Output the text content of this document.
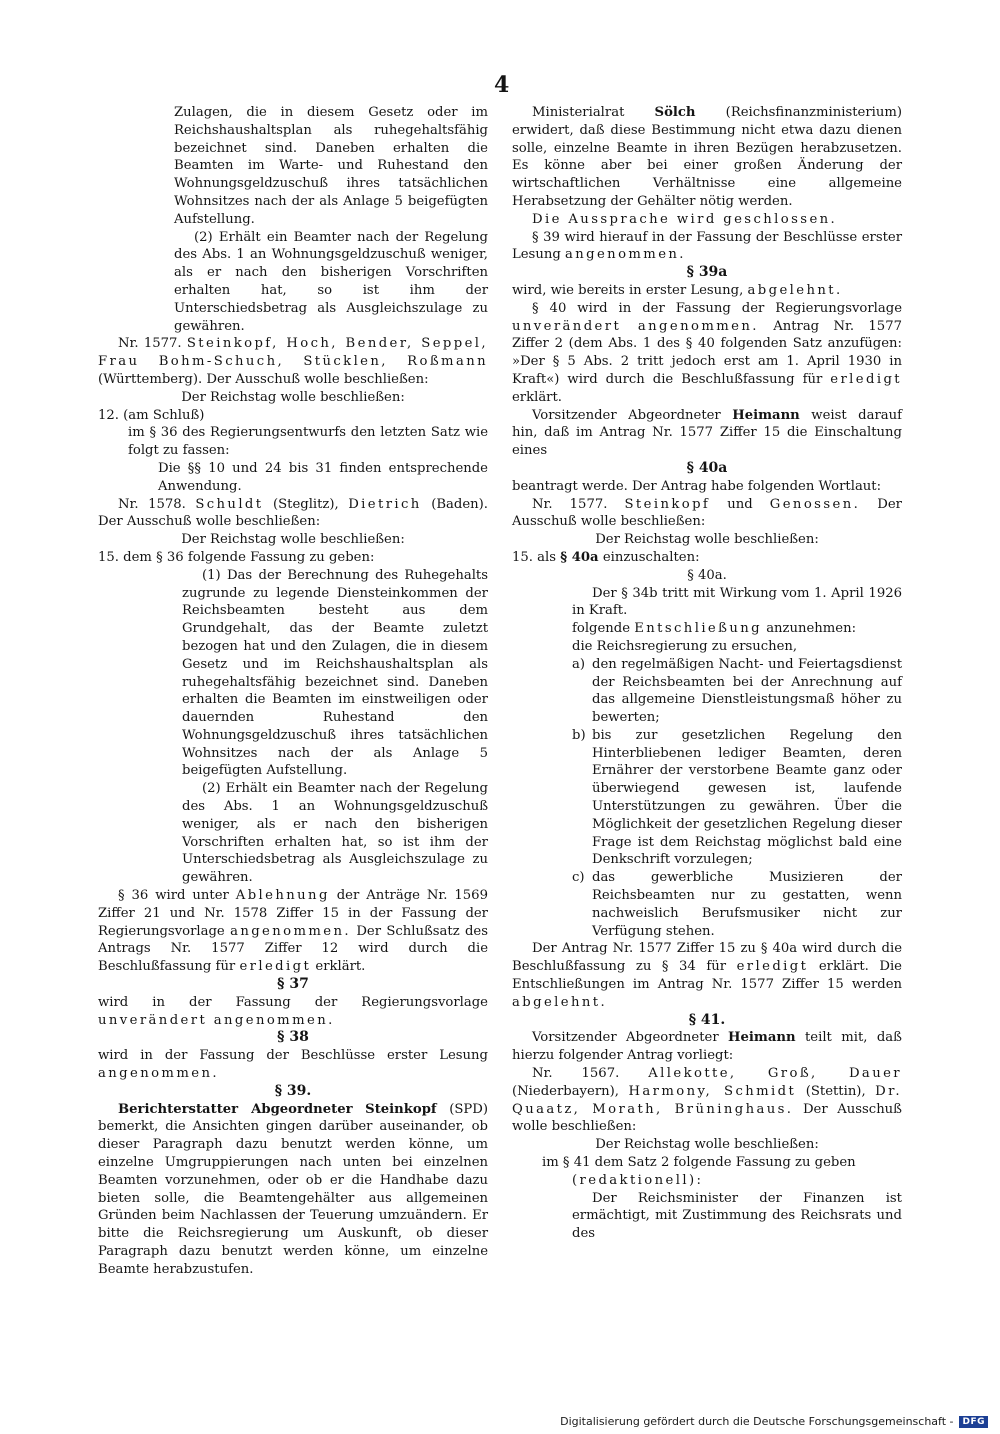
4

Zulagen, die in diesem Gesetz oder im Reichshaushaltsplan als ruhegehaltsfähig bezeichnet sind. Daneben erhalten die Beamten im Warte- und Ruhestand den Wohnungsgeldzuschuß ihres tatsächlichen Wohnsitzes nach der als Anlage 5 beigefügten Aufstellung.

(2) Erhält ein Beamter nach der Regelung des Abs. 1 an Wohnungsgeldzuschuß weniger, als er nach den bisherigen Vorschriften erhalten hat, so ist ihm der Unterschiedsbetrag als Ausgleichszulage zu gewähren.

Nr. 1577. Steinkopf, Hoch, Bender, Seppel, Frau Bohm-Schuch, Stücklen, Roßmann (Württemberg). Der Ausschuß wolle beschließen:

Der Reichstag wolle beschließen:

12. (am Schluß)

im § 36 des Regierungsentwurfs den letzten Satz wie folgt zu fassen:

Die §§ 10 und 24 bis 31 finden entsprechende Anwendung.

Nr. 1578. Schuldt (Steglitz), Dietrich (Baden). Der Ausschuß wolle beschließen:

Der Reichstag wolle beschließen:

15. dem § 36 folgende Fassung zu geben:

(1) Das der Berechnung des Ruhegehalts zugrunde zu legende Diensteinkommen der Reichsbeamten besteht aus dem Grundgehalt, das der Beamte zuletzt bezogen hat und den Zulagen, die in diesem Gesetz und im Reichshaushaltsplan als ruhegehaltsfähig bezeichnet sind. Daneben erhalten die Beamten im einstweiligen oder dauernden Ruhestand den Wohnungsgeldzuschuß ihres tatsächlichen Wohnsitzes nach der als Anlage 5 beigefügten Aufstellung.

(2) Erhält ein Beamter nach der Regelung des Abs. 1 an Wohnungsgeldzuschuß weniger, als er nach den bisherigen Vorschriften erhalten hat, so ist ihm der Unterschiedsbetrag als Ausgleichszulage zu gewähren.

§ 36 wird unter Ablehnung der Anträge Nr. 1569 Ziffer 21 und Nr. 1578 Ziffer 15 in der Fassung der Regierungsvorlage angenommen. Der Schlußsatz des Antrags Nr. 1577 Ziffer 12 wird durch die Beschlußfassung für erledigt erklärt.

§ 37

wird in der Fassung der Regierungsvorlage unverändert angenommen.

§ 38

wird in der Fassung der Beschlüsse erster Lesung angenommen.

§ 39.

Berichterstatter Abgeordneter Steinkopf (SPD) bemerkt, die Ansichten gingen darüber auseinander, ob dieser Paragraph dazu benutzt werden könne, um einzelne Umgruppierungen nach unten bei einzelnen Beamten vorzunehmen, oder ob er die Handhabe dazu bieten solle, die Beamtengehälter aus allgemeinen Gründen beim Nachlassen der Teuerung umzuändern. Er bitte die Reichsregierung um Auskunft, ob dieser Paragraph dazu benutzt werden könne, um einzelne Beamte herabzustufen.

Ministerialrat Sölch (Reichsfinanzministerium) erwidert, daß diese Bestimmung nicht etwa dazu dienen solle, einzelne Beamte in ihren Bezügen herabzusetzen. Es könne aber bei einer großen Änderung der wirtschaftlichen Verhältnisse eine allgemeine Herabsetzung der Gehälter nötig werden.

Die Aussprache wird geschlossen.

§ 39 wird hierauf in der Fassung der Beschlüsse erster Lesung angenommen.

§ 39a

wird, wie bereits in erster Lesung, abgelehnt.

§ 40 wird in der Fassung der Regierungsvorlage unverändert angenommen. Antrag Nr. 1577 Ziffer 2 (dem Abs. 1 des § 40 folgenden Satz anzufügen: »Der § 5 Abs. 2 tritt jedoch erst am 1. April 1930 in Kraft«) wird durch die Beschlußfassung für erledigt erklärt.

Vorsitzender Abgeordneter Heimann weist darauf hin, daß im Antrag Nr. 1577 Ziffer 15 die Einschaltung eines

§ 40a

beantragt werde. Der Antrag habe folgenden Wortlaut:

Nr. 1577. Steinkopf und Genossen. Der Ausschuß wolle beschließen:

Der Reichstag wolle beschließen:

15. als § 40a einzuschalten:

§ 40a.

Der § 34b tritt mit Wirkung vom 1. April 1926 in Kraft.

folgende Entschließung anzunehmen:

die Reichsregierung zu ersuchen,

a) den regelmäßigen Nacht- und Feiertagsdienst der Reichsbeamten bei der Anrechnung auf das allgemeine Dienstleistungsmaß höher zu bewerten;
b) bis zur gesetzlichen Regelung den Hinterbliebenen lediger Beamten, deren Ernährer der verstorbene Beamte ganz oder überwiegend gewesen ist, laufende Unterstützungen zu gewähren. Über die Möglichkeit der gesetzlichen Regelung dieser Frage ist dem Reichstag möglichst bald eine Denkschrift vorzulegen;
c) das gewerbliche Musizieren der Reichsbeamten nur zu gestatten, wenn nachweislich Berufsmusiker nicht zur Verfügung stehen.

Der Antrag Nr. 1577 Ziffer 15 zu § 40a wird durch die Beschlußfassung zu § 34 für erledigt erklärt. Die Entschließungen im Antrag Nr. 1577 Ziffer 15 werden abgelehnt.

§ 41.

Vorsitzender Abgeordneter Heimann teilt mit, daß hierzu folgender Antrag vorliegt:

Nr. 1567. Allekotte, Groß, Dauer (Niederbayern), Harmony, Schmidt (Stettin), Dr. Quaatz, Morath, Brüninghaus. Der Ausschuß wolle beschließen:

Der Reichstag wolle beschließen:

im § 41 dem Satz 2 folgende Fassung zu geben

(redaktionell):

Der Reichsminister der Finanzen ist ermächtigt, mit Zustimmung des Reichsrats und des

Digitalisierung gefördert durch die Deutsche Forschungsgemeinschaft -	DFG
